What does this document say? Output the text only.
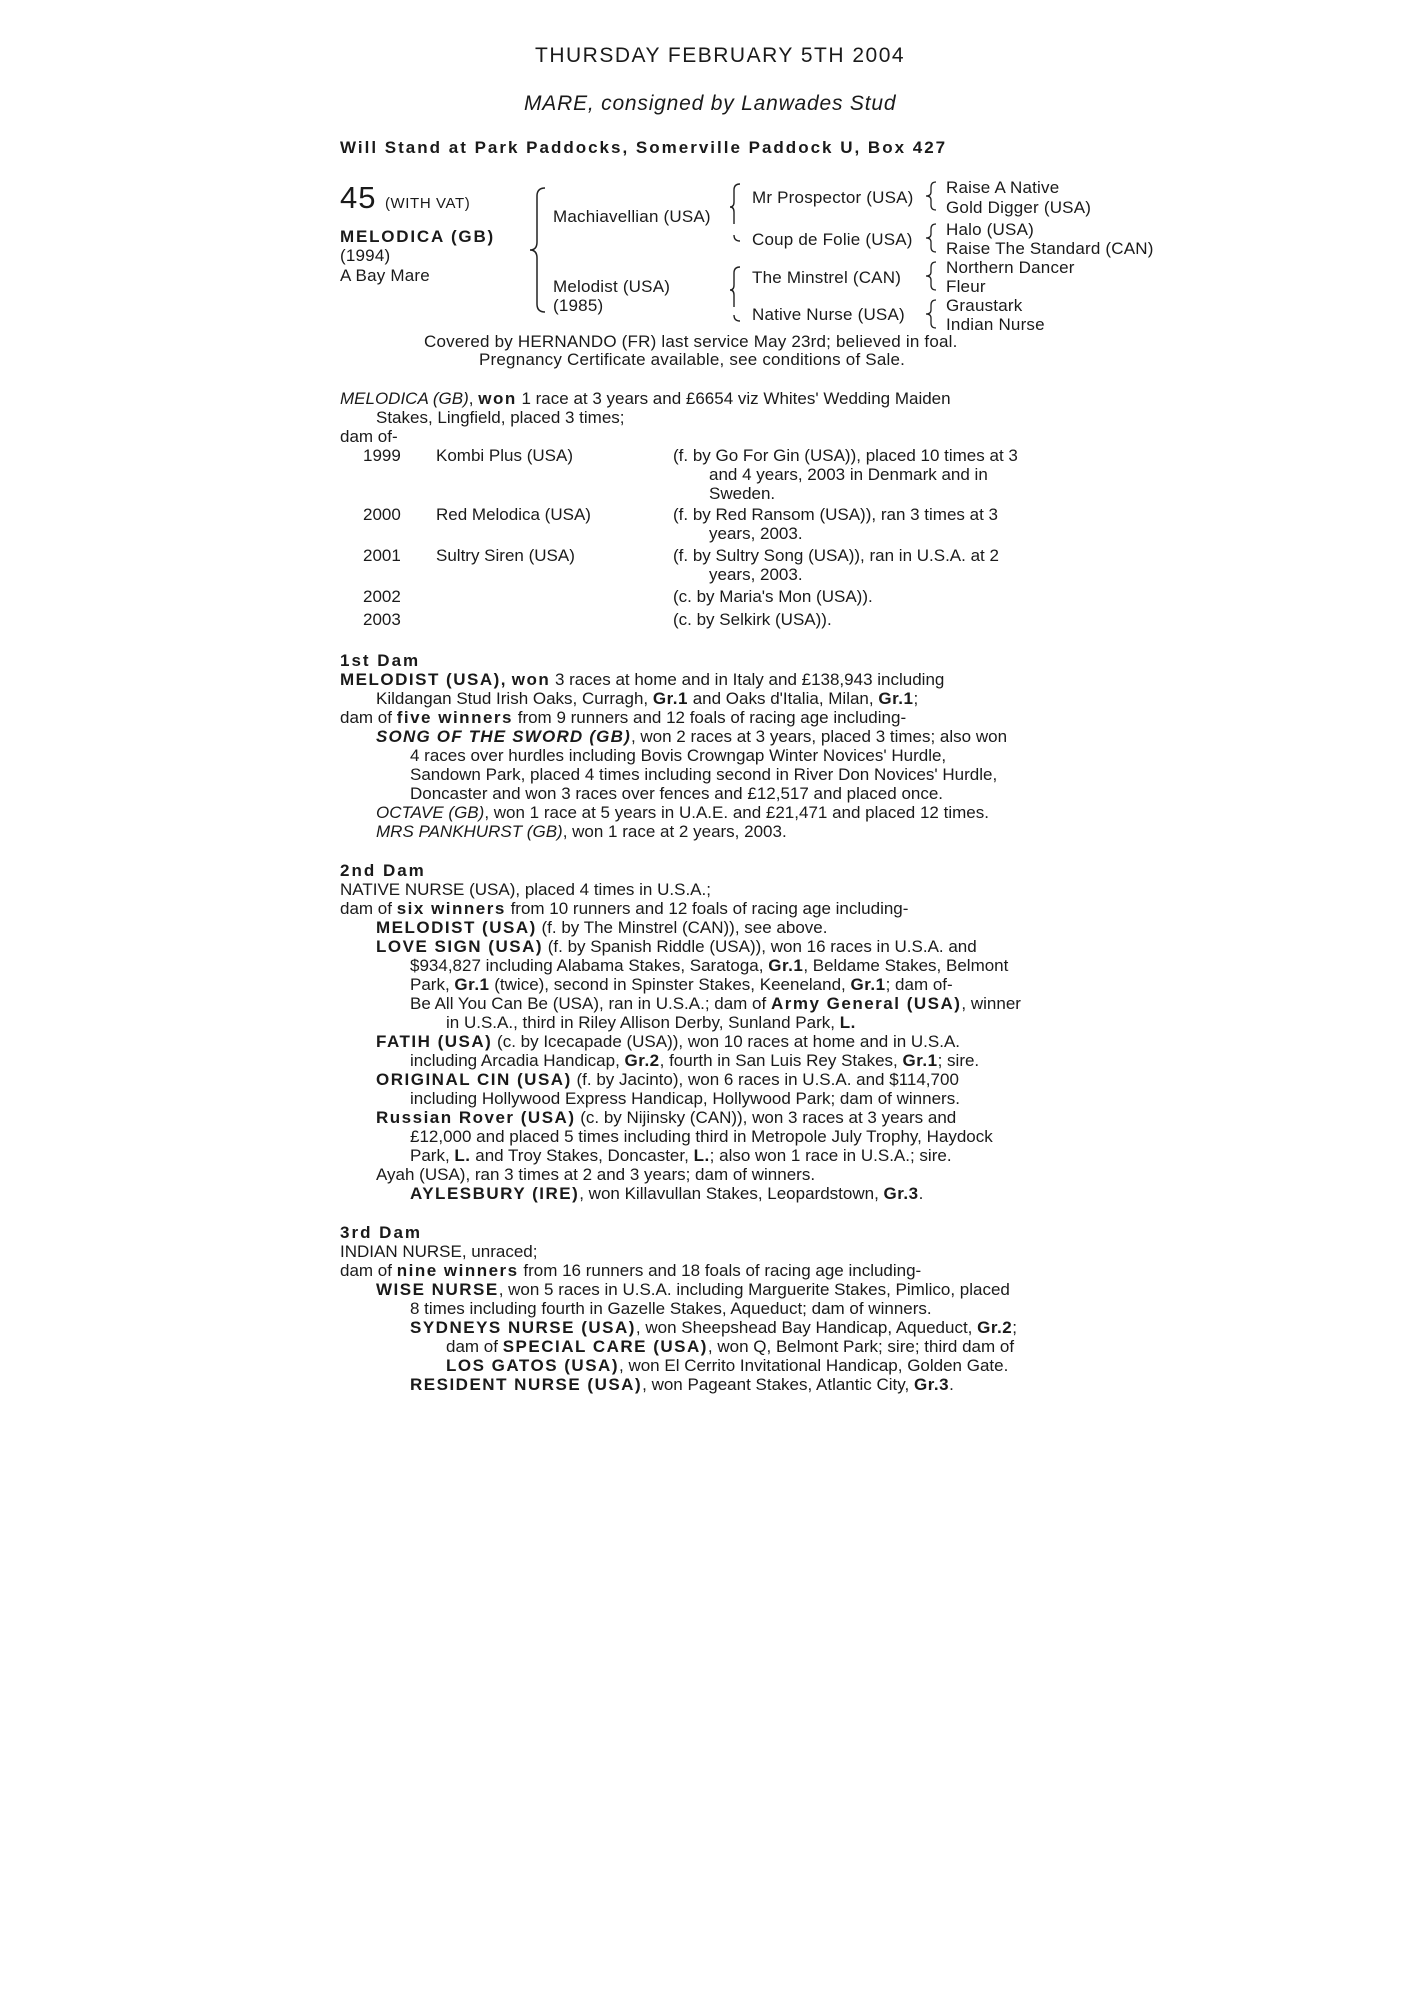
THURSDAY FEBRUARY 5TH 2004
MARE, consigned by Lanwades Stud
Will Stand at Park Paddocks, Somerville Paddock U, Box 427
45 (WITH VAT)
MELODICA (GB)
(1994)
A Bay Mare
Machiavellian (USA)
Melodist (USA)
(1985)
Mr Prospector (USA)
Coup de Folie (USA)
The Minstrel (CAN)
Native Nurse (USA)
Raise A Native
Gold Digger (USA)
Halo (USA)
Raise The Standard (CAN)
Northern Dancer
Fleur
Graustark
Indian Nurse
Covered by HERNANDO (FR) last service May 23rd; believed in foal.
Pregnancy Certificate available, see conditions of Sale.
MELODICA (GB), won 1 race at 3 years and £6654 viz Whites' Wedding Maiden
Stakes, Lingfield, placed 3 times;
dam of-
1999 Kombi Plus (USA)	(f. by Go For Gin (USA)), placed 10 times at 3
and 4 years, 2003 in Denmark and in
Sweden.
2000 Red Melodica (USA)	(f. by Red Ransom (USA)), ran 3 times at 3
years, 2003.
2001 Sultry Siren (USA)	(f. by Sultry Song (USA)), ran in U.S.A. at 2
years, 2003.
2002	(c. by Maria's Mon (USA)).
2003	(c. by Selkirk (USA)).
1st Dam
MELODIST (USA), won 3 races at home and in Italy and £138,943 including
Kildangan Stud Irish Oaks, Curragh, Gr.1 and Oaks d'Italia, Milan, Gr.1;
dam of five winners from 9 runners and 12 foals of racing age including-
SONG OF THE SWORD (GB), won 2 races at 3 years, placed 3 times; also won
4 races over hurdles including Bovis Crowngap Winter Novices' Hurdle,
Sandown Park, placed 4 times including second in River Don Novices' Hurdle,
Doncaster and won 3 races over fences and £12,517 and placed once.
OCTAVE (GB), won 1 race at 5 years in U.A.E. and £21,471 and placed 12 times.
MRS PANKHURST (GB), won 1 race at 2 years, 2003.
2nd Dam
NATIVE NURSE (USA), placed 4 times in U.S.A.;
dam of six winners from 10 runners and 12 foals of racing age including-
MELODIST (USA) (f. by The Minstrel (CAN)), see above.
LOVE SIGN (USA) (f. by Spanish Riddle (USA)), won 16 races in U.S.A. and
$934,827 including Alabama Stakes, Saratoga, Gr.1, Beldame Stakes, Belmont
Park, Gr.1 (twice), second in Spinster Stakes, Keeneland, Gr.1; dam of-
Be All You Can Be (USA), ran in U.S.A.; dam of Army General (USA), winner
in U.S.A., third in Riley Allison Derby, Sunland Park, L.
FATIH (USA) (c. by Icecapade (USA)), won 10 races at home and in U.S.A.
including Arcadia Handicap, Gr.2, fourth in San Luis Rey Stakes, Gr.1; sire.
ORIGINAL CIN (USA) (f. by Jacinto), won 6 races in U.S.A. and $114,700
including Hollywood Express Handicap, Hollywood Park; dam of winners.
Russian Rover (USA) (c. by Nijinsky (CAN)), won 3 races at 3 years and
£12,000 and placed 5 times including third in Metropole July Trophy, Haydock
Park, L. and Troy Stakes, Doncaster, L.; also won 1 race in U.S.A.; sire.
Ayah (USA), ran 3 times at 2 and 3 years; dam of winners.
AYLESBURY (IRE), won Killavullan Stakes, Leopardstown, Gr.3.
3rd Dam
INDIAN NURSE, unraced;
dam of nine winners from 16 runners and 18 foals of racing age including-
WISE NURSE, won 5 races in U.S.A. including Marguerite Stakes, Pimlico, placed
8 times including fourth in Gazelle Stakes, Aqueduct; dam of winners.
SYDNEYS NURSE (USA), won Sheepshead Bay Handicap, Aqueduct, Gr.2;
dam of SPECIAL CARE (USA), won Q, Belmont Park; sire; third dam of
LOS GATOS (USA), won El Cerrito Invitational Handicap, Golden Gate.
RESIDENT NURSE (USA), won Pageant Stakes, Atlantic City, Gr.3.
